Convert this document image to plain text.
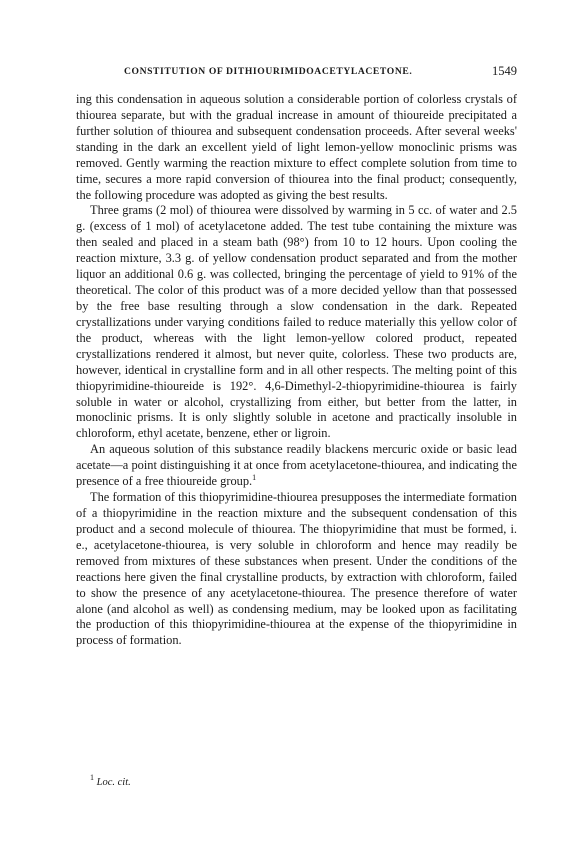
CONSTITUTION OF DITHIOURIMIDOACETYLACETONE.	1549

ing this condensation in aqueous solution a considerable portion of colorless crystals of thiourea separate, but with the gradual increase in amount of thioureide precipitated a further solution of thiourea and subsequent condensation proceeds. After several weeks' standing in the dark an excellent yield of light lemon-yellow monoclinic prisms was removed. Gently warming the reaction mixture to effect complete solution from time to time, secures a more rapid conversion of thiourea into the final product; consequently, the following procedure was adopted as giving the best results.

Three grams (2 mol) of thiourea were dissolved by warming in 5 cc. of water and 2.5 g. (excess of 1 mol) of acetylacetone added. The test tube containing the mixture was then sealed and placed in a steam bath (98°) from 10 to 12 hours. Upon cooling the reaction mixture, 3.3 g. of yellow condensation product separated and from the mother liquor an additional 0.6 g. was collected, bringing the percentage of yield to 91% of the theoretical. The color of this product was of a more decided yellow than that possessed by the free base resulting through a slow condensation in the dark. Repeated crystallizations under varying conditions failed to reduce materially this yellow color of the product, whereas with the light lemon-yellow colored product, repeated crystallizations rendered it almost, but never quite, colorless. These two products are, however, identical in crystalline form and in all other respects. The melting point of this thiopyrimidine-thioureide is 192°. 4,6-Dimethyl-2-thiopyrimidine-thiourea is fairly soluble in water or alcohol, crystallizing from either, but better from the latter, in monoclinic prisms. It is only slightly soluble in acetone and practically insoluble in chloroform, ethyl acetate, benzene, ether or ligroin.

An aqueous solution of this substance readily blackens mercuric oxide or basic lead acetate—a point distinguishing it at once from acetylacetone-thiourea, and indicating the presence of a free thioureide group.$^1$

The formation of this thiopyrimidine-thiourea presupposes the intermediate formation of a thiopyrimidine in the reaction mixture and the subsequent condensation of this product and a second molecule of thiourea. The thiopyrimidine that must be formed, i. e., acetylacetone-thiourea, is very soluble in chloroform and hence may readily be removed from mixtures of these substances when present. Under the conditions of the reactions here given the final crystalline products, by extraction with chloroform, failed to show the presence of any acetylacetone-thiourea. The presence therefore of water alone (and alcohol as well) as condensing medium, may be looked upon as facilitating the production of this thiopyrimidine-thiourea at the expense of the thiopyrimidine in process of formation.

$^1$ Loc. cit.
